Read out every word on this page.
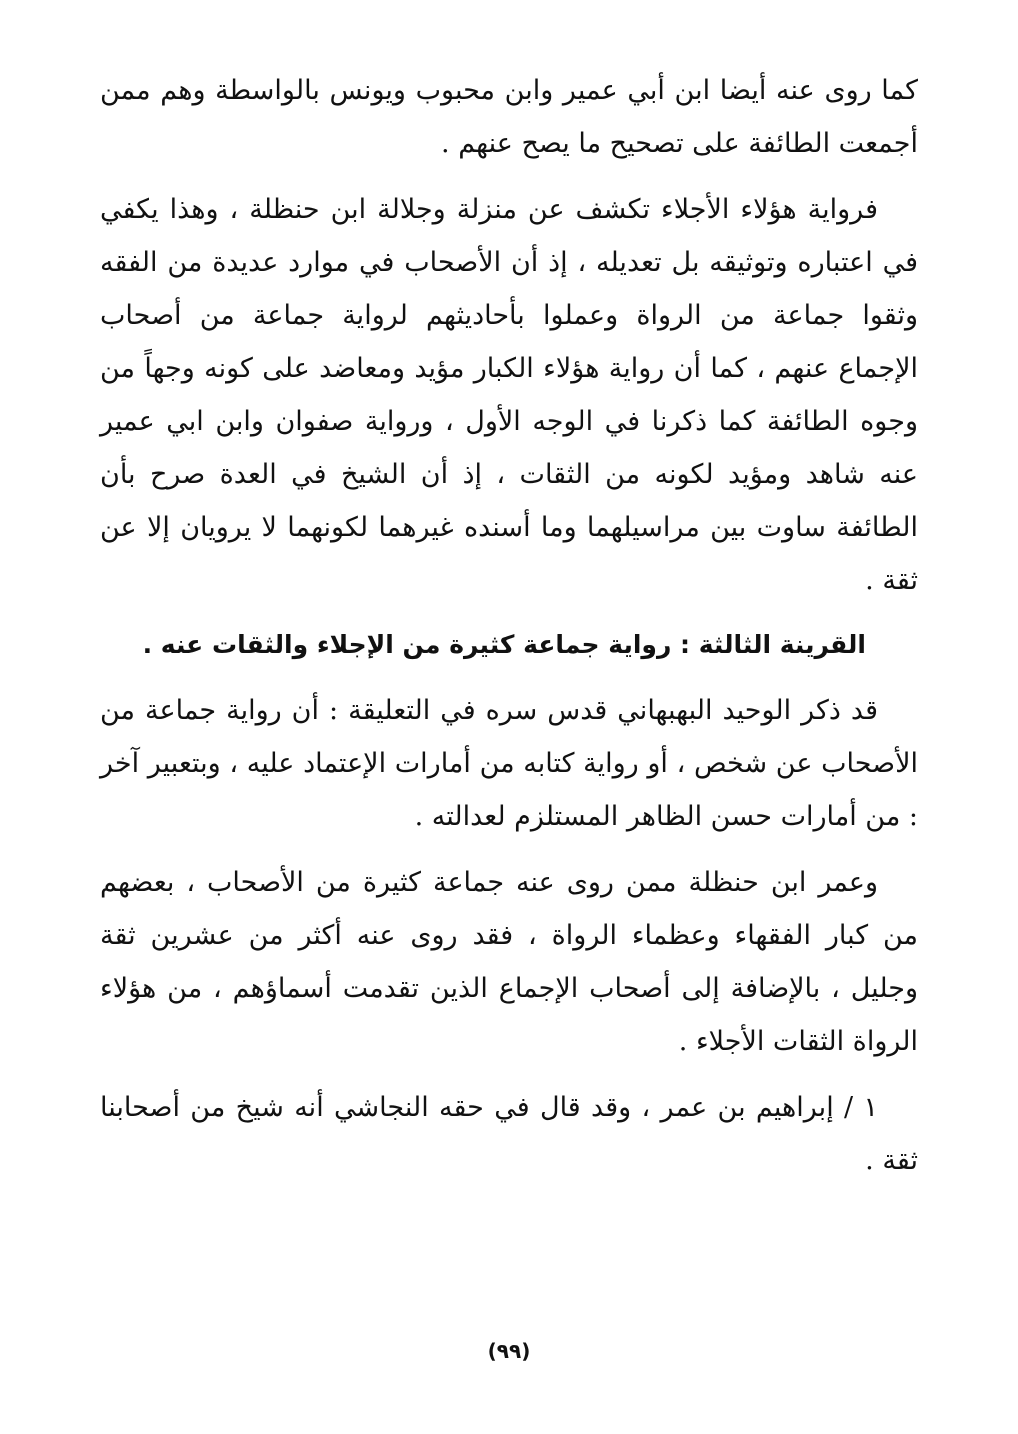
كما روى عنه أيضا ابن أبي عمير وابن محبوب ويونس بالواسطة وهم ممن أجمعت الطائفة على تصحيح ما يصح عنهم .

فرواية هؤلاء الأجلاء تكشف عن منزلة وجلالة ابن حنظلة ، وهذا يكفي في اعتباره وتوثيقه بل تعديله ، إذ أن الأصحاب في موارد عديدة من الفقه وثقوا جماعة من الرواة وعملوا بأحاديثهم لرواية جماعة من أصحاب الإجماع عنهم ، كما أن رواية هؤلاء الكبار مؤيد ومعاضد على كونه وجهاً من وجوه الطائفة كما ذكرنا في الوجه الأول ، ورواية صفوان وابن ابي عمير عنه شاهد ومؤيد لكونه من الثقات ، إذ أن الشيخ في العدة صرح بأن الطائفة ساوت بين مراسيلهما وما أسنده غيرهما لكونهما لا يرويان إلا عن ثقة .

القرينة الثالثة : رواية جماعة كثيرة من الإجلاء والثقات عنه .

قد ذكر الوحيد البهبهاني قدس سره في التعليقة : أن رواية جماعة من الأصحاب عن شخص ، أو رواية كتابه من أمارات الإعتماد عليه ، وبتعبير آخر : من أمارات حسن الظاهر المستلزم لعدالته .

وعمر ابن حنظلة ممن روى عنه جماعة كثيرة من الأصحاب ، بعضهم من كبار الفقهاء وعظماء الرواة ، فقد روى عنه أكثر من عشرين ثقة وجليل ، بالإضافة إلى أصحاب الإجماع الذين تقدمت أسماؤهم ، من هؤلاء الرواة الثقات الأجلاء .

١ / إبراهيم بن عمر ، وقد قال في حقه النجاشي أنه شيخ من أصحابنا ثقة .

(٩٩)
